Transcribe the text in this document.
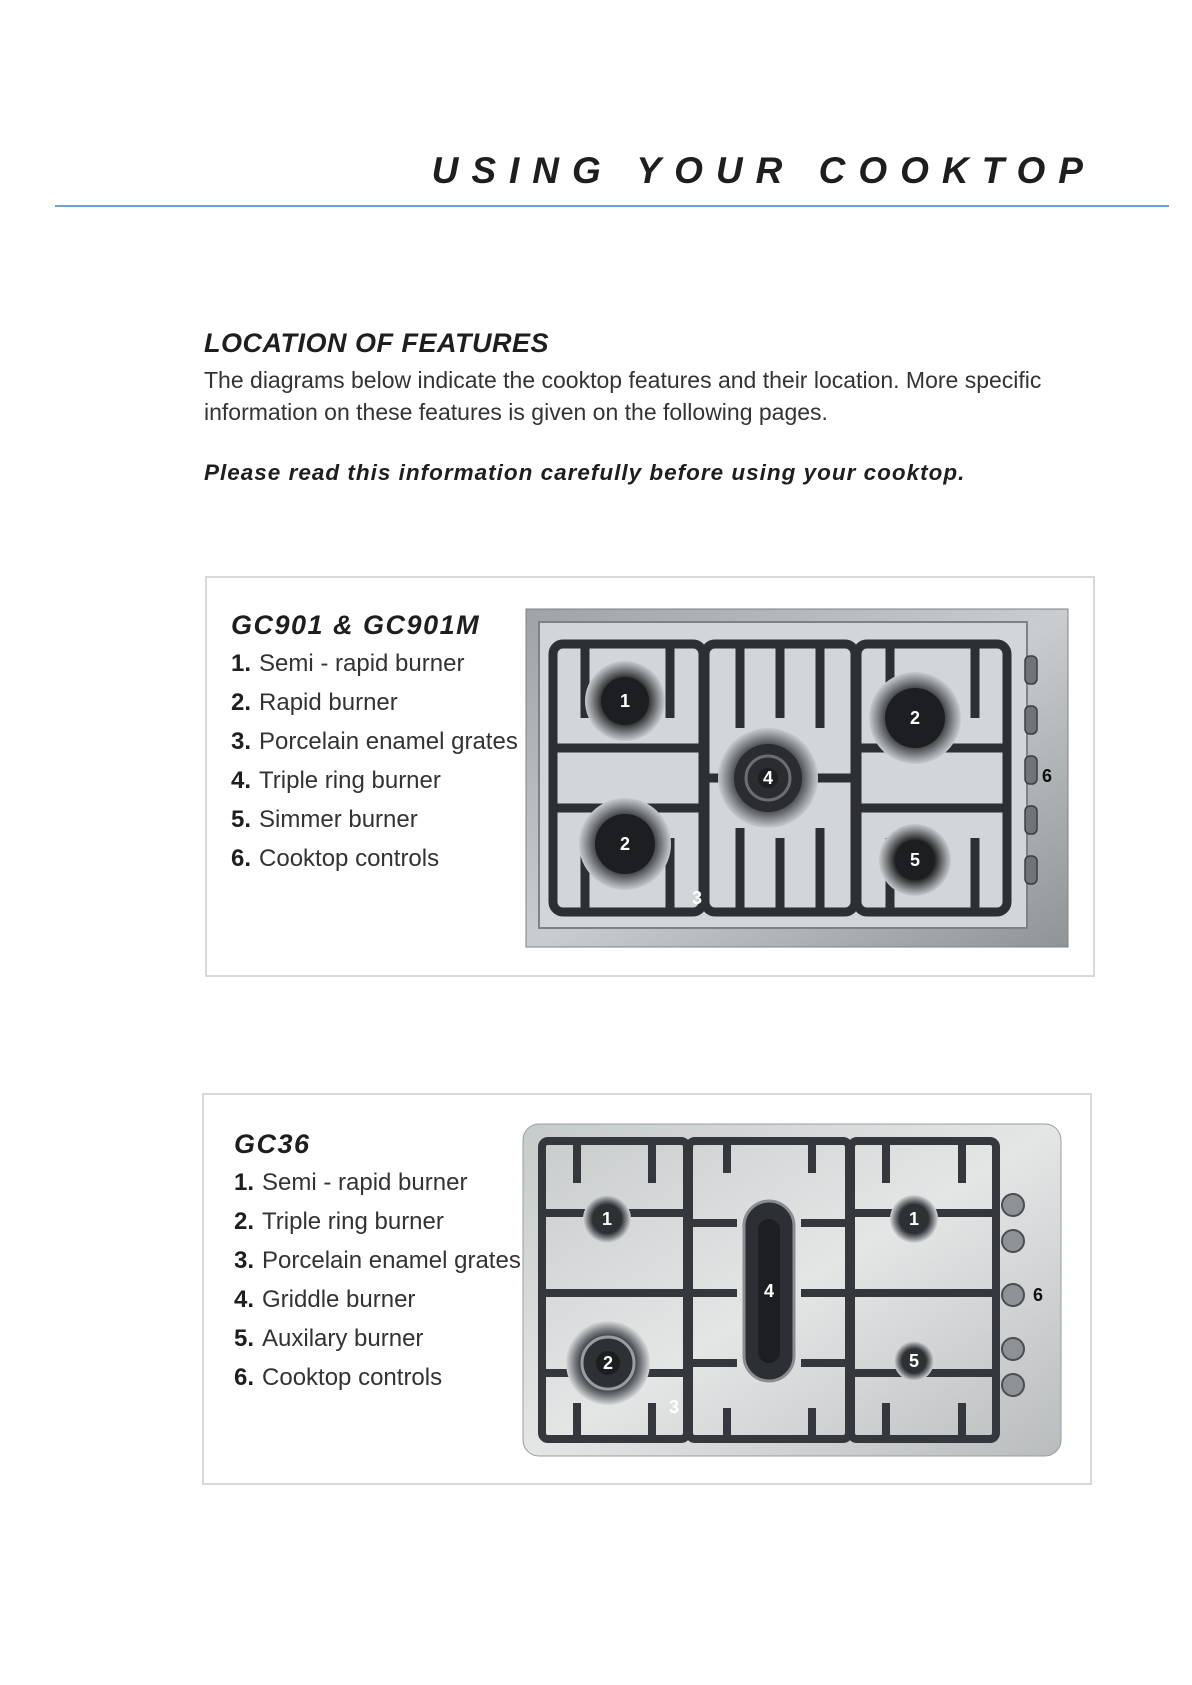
USING YOUR COOKTOP
LOCATION OF FEATURES
The diagrams below indicate the cooktop features and their location. More specific information on these features is given on the following pages.
Please read this information carefully before using your cooktop.
GC901 & GC901M
1. Semi - rapid burner
2. Rapid burner
3. Porcelain enamel grates
4. Triple ring burner
5. Simmer burner
6. Cooktop controls
1
2
4
2
5
3
6
GC36
1. Semi - rapid burner
2. Triple ring burner
3. Porcelain enamel grates
4. Griddle burner
5. Auxilary burner
6. Cooktop controls
1	1
4
2	5
3
6
